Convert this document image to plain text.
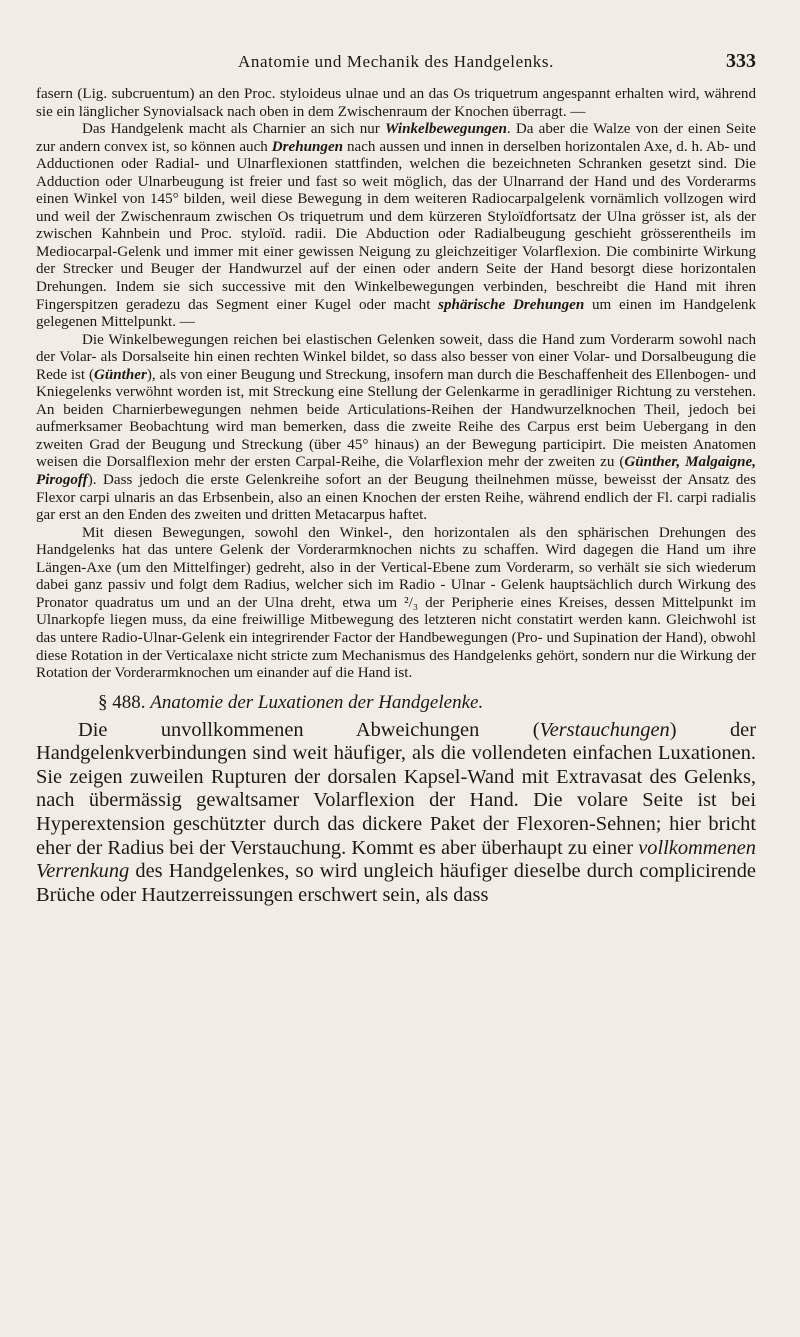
Anatomie und Mechanik des Handgelenks.	333

fasern (Lig. subcruentum) an den Proc. styloideus ulnae und an das Os triquetrum angespannt erhalten wird, während sie ein länglicher Synovialsack nach oben in dem Zwischenraum der Knochen überragt. —

Das Handgelenk macht als Charnier an sich nur Winkelbewegungen. Da aber die Walze von der einen Seite zur andern convex ist, so können auch Drehungen nach aussen und innen in derselben horizontalen Axe, d. h. Ab- und Adductionen oder Radial- und Ulnarflexionen stattfinden, welchen die bezeichneten Schranken gesetzt sind. Die Adduction oder Ulnarbeugung ist freier und fast so weit möglich, das der Ulnarrand der Hand und des Vorderarms einen Winkel von 145° bilden, weil diese Bewegung in dem weiteren Radiocarpalgelenk vornämlich vollzogen wird und weil der Zwischenraum zwischen Os triquetrum und dem kürzeren Styloïdfortsatz der Ulna grösser ist, als der zwischen Kahnbein und Proc. styloïd. radii. Die Abduction oder Radialbeugung geschieht grösserentheils im Mediocarpal-Gelenk und immer mit einer gewissen Neigung zu gleichzeitiger Volarflexion. Die combinirte Wirkung der Strecker und Beuger der Handwurzel auf der einen oder andern Seite der Hand besorgt diese horizontalen Drehungen. Indem sie sich successive mit den Winkelbewegungen verbinden, beschreibt die Hand mit ihren Fingerspitzen geradezu das Segment einer Kugel oder macht sphärische Drehungen um einen im Handgelenk gelegenen Mittelpunkt. —

Die Winkelbewegungen reichen bei elastischen Gelenken soweit, dass die Hand zum Vorderarm sowohl nach der Volar- als Dorsalseite hin einen rechten Winkel bildet, so dass also besser von einer Volar- und Dorsalbeugung die Rede ist (Günther), als von einer Beugung und Streckung, insofern man durch die Beschaffenheit des Ellenbogen- und Kniegelenks verwöhnt worden ist, mit Streckung eine Stellung der Gelenkarme in geradliniger Richtung zu verstehen. An beiden Charnierbewegungen nehmen beide Articulations-Reihen der Handwurzelknochen Theil, jedoch bei aufmerksamer Beobachtung wird man bemerken, dass die zweite Reihe des Carpus erst beim Uebergang in den zweiten Grad der Beugung und Streckung (über 45° hinaus) an der Bewegung participirt. Die meisten Anatomen weisen die Dorsalflexion mehr der ersten Carpal-Reihe, die Volarflexion mehr der zweiten zu (Günther, Malgaigne, Pirogoff). Dass jedoch die erste Gelenkreihe sofort an der Beugung theilnehmen müsse, beweisst der Ansatz des Flexor carpi ulnaris an das Erbsenbein, also an einen Knochen der ersten Reihe, während endlich der Fl. carpi radialis gar erst an den Enden des zweiten und dritten Metacarpus haftet.

Mit diesen Bewegungen, sowohl den Winkel-, den horizontalen als den sphärischen Drehungen des Handgelenks hat das untere Gelenk der Vorderarmknochen nichts zu schaffen. Wird dagegen die Hand um ihre Längen-Axe (um den Mittelfinger) gedreht, also in der Vertical-Ebene zum Vorderarm, so verhält sie sich wiederum dabei ganz passiv und folgt dem Radius, welcher sich im Radio - Ulnar - Gelenk hauptsächlich durch Wirkung des Pronator quadratus um und an der Ulna dreht, etwa um ²/₃ der Peripherie eines Kreises, dessen Mittelpunkt im Ulnarkopfe liegen muss, da eine freiwillige Mitbewegung des letzteren nicht constatirt werden kann. Gleichwohl ist das untere Radio-Ulnar-Gelenk ein integrirender Factor der Handbewegungen (Pro- und Supination der Hand), obwohl diese Rotation in der Verticalaxe nicht stricte zum Mechanismus des Handgelenks gehört, sondern nur die Wirkung der Rotation der Vorderarmknochen um einander auf die Hand ist.

§ 488. Anatomie der Luxationen der Handgelenke.

Die unvollkommenen Abweichungen (Verstauchungen) der Handgelenkverbindungen sind weit häufiger, als die vollendeten einfachen Luxationen. Sie zeigen zuweilen Rupturen der dorsalen Kapsel-Wand mit Extravasat des Gelenks, nach übermässig gewaltsamer Volarflexion der Hand. Die volare Seite ist bei Hyperextension geschützter durch das dickere Paket der Flexoren-Sehnen; hier bricht eher der Radius bei der Verstauchung. Kommt es aber überhaupt zu einer vollkommenen Verrenkung des Handgelenkes, so wird ungleich häufiger dieselbe durch complicirende Brüche oder Hautzerreissungen erschwert sein, als dass
